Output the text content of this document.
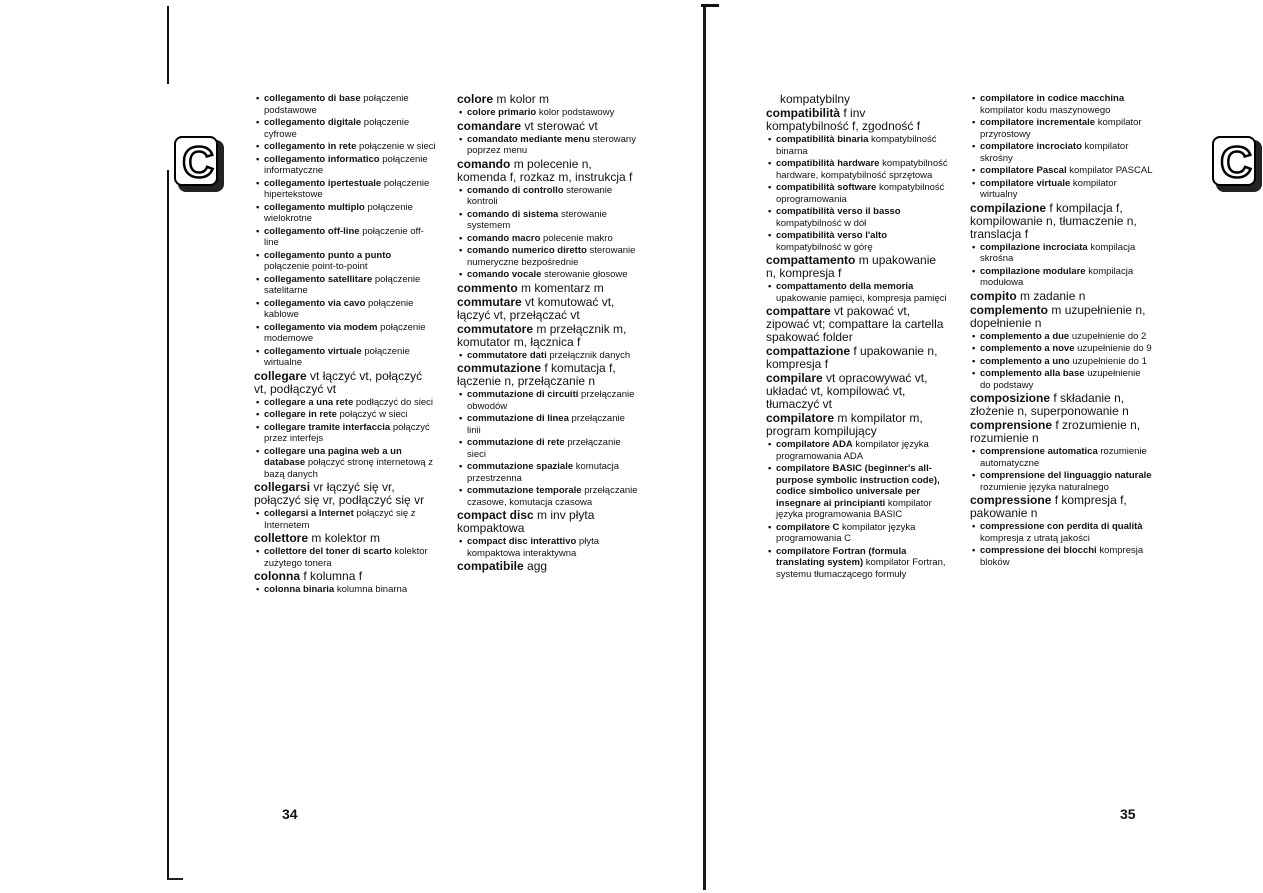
C

• collegamento di base połączenie podstawowe

• collegamento digitale połączenie cyfrowe

• collegamento in rete połączenie w sieci

• collegamento informatico połączenie informatyczne

• collegamento ipertestuale połączenie hipertekstowe

• collegamento multiplo połączenie wielokrotne

• collegamento off-line połączenie off-line

• collegamento punto a punto połączenie point-to-point

• collegamento satellitare połączenie satelitarne

• collegamento via cavo połączenie kablowe

• collegamento via modem połączenie modemowe

• collegamento virtuale połączenie wirtualne

collegare vt łączyć vt, połączyć vt, podłączyć vt

• collegare a una rete podłączyć do sieci

• collegare in rete połączyć w sieci

• collegare tramite interfaccia połączyć przez interfejs

• collegare una pagina web a un database połączyć stronę internetową z bazą danych

collegarsi vr łączyć się vr, połączyć się vr, podłączyć się vr

• collegarsi a Internet połączyć się z Internetem

collettore m kolektor m

• collettore del toner di scarto kolektor zużytego tonera

colonna f kolumna f

• colonna binaria kolumna binarna

colore m kolor m

• colore primario kolor podstawowy

comandare vt sterować vt

• comandato mediante menu sterowany poprzez menu

comando m polecenie n, komenda f, rozkaz m, instrukcja f

• comando di controllo sterowanie kontroli

• comando di sistema sterowanie systemem

• comando macro polecenie makro

• comando numerico diretto sterowanie numeryczne bezpośrednie

• comando vocale sterowanie głosowe

commento m komentarz m

commutare vt komutować vt, łączyć vt, przełączać vt

commutatore m przełącznik m, komutator m, łącznica f

• commutatore dati przełącznik danych

commutazione f komutacja f, łączenie n, przełączanie n

• commutazione di circuiti przełączanie obwodów

• commutazione di linea przełączanie linii

• commutazione di rete przełączanie sieci

• commutazione spaziale komutacja przestrzenna

• commutazione temporale przełączanie czasowe, komutacja czasowa

compact disc m inv płyta kompaktowa

• compact disc interattivo płyta kompaktowa interaktywna

compatibile agg

34
C

kompatybilny

compatibilità f inv kompatybilność f, zgodność f

• compatibilità binaria kompatybilność binarna

• compatibilità hardware kompatybilność hardware, kompatybilność sprzętowa

• compatibilità software kompatybilność oprogramowania

• compatibilità verso il basso kompatybilność w dół

• compatibilità verso l'alto kompatybilność w górę

compattamento m upakowanie n, kompresja f

• compattamento della memoria upakowanie pamięci, kompresja pamięci

compattare vt pakować vt, zipować vt; compattare la cartella spakować folder

compattazione f upakowanie n, kompresja f

compilare vt opracowywać vt, układać vt, kompilować vt, tłumaczyć vt

compilatore m kompilator m, program kompilujący

• compilatore ADA kompilator języka programowania ADA

• compilatore BASIC (beginner's all-purpose symbolic instruction code), codice simbolico universale per insegnare ai principianti kompilator języka programowania BASIC

• compilatore C kompilator języka programowania C

• compilatore Fortran (formula translating system) kompilator Fortran, systemu tłumaczącego formuły

• compilatore in codice macchina kompilator kodu maszynowego

• compilatore incrementale kompilator przyrostowy

• compilatore incrociato kompilator skrośny

• compilatore Pascal kompilator PASCAL

• compilatore virtuale kompilator wirtualny

compilazione f kompilacja f, kompilowanie n, tłumaczenie n, translacja f

• compilazione incrociata kompilacja skrośna

• compilazione modulare kompilacja modułowa

compito m zadanie n

complemento m uzupełnienie n, dopełnienie n

• complemento a due uzupełnienie do 2

• complemento a nove uzupełnienie do 9

• complemento a uno uzupełnienie do 1

• complemento alla base uzupełnienie do podstawy

composizione f składanie n, złożenie n, superponowanie n

comprensione f zrozumienie n, rozumienie n

• comprensione automatica rozumienie automatyczne

• comprensione del linguaggio naturale rozumienie języka naturalnego

compressione f kompresja f, pakowanie n

• compressione con perdita di qualità kompresja z utratą jakości

• compressione dei blocchi kompresja bloków

35
